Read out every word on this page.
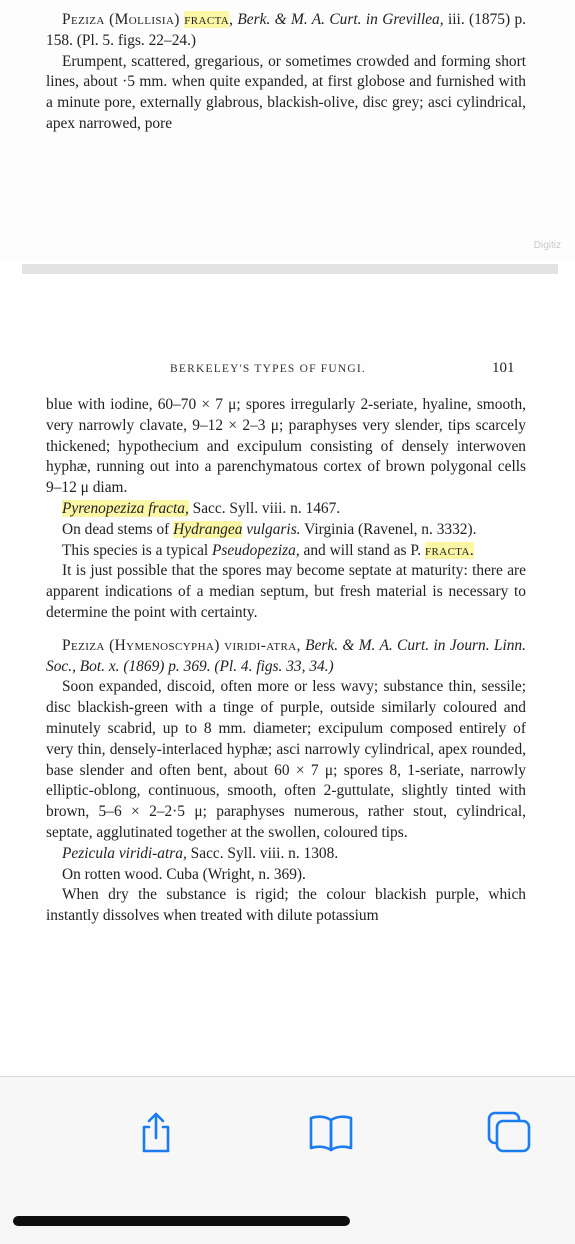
Peziza (Mollisia) fracta, Berk. & M. A. Curt. in Grevillea, iii. (1875) p. 158. (Pl. 5. figs. 22–24.)

Erumpent, scattered, gregarious, or sometimes crowded and forming short lines, about ·5 mm. when quite expanded, at first globose and furnished with a minute pore, externally glabrous, blackish-olive, disc grey; asci cylindrical, apex narrowed, pore

Digitiz
BERKELEY'S TYPES OF FUNGI.	101

blue with iodine, 60–70 × 7 μ; spores irregularly 2-seriate, hyaline, smooth, very narrowly clavate, 9–12 × 2–3 μ; paraphyses very slender, tips scarcely thickened; hypothecium and excipulum consisting of densely interwoven hyphæ, running out into a parenchymatous cortex of brown polygonal cells 9–12 μ diam.

Pyrenopeziza fracta, Sacc. Syll. viii. n. 1467.

On dead stems of Hydrangea vulgaris. Virginia (Ravenel, n. 3332).

This species is a typical Pseudopeziza, and will stand as P. fracta.

It is just possible that the spores may become septate at maturity: there are apparent indications of a median septum, but fresh material is necessary to determine the point with certainty.

Peziza (Hymenoscypha) viridi-atra, Berk. & M. A. Curt. in Journ. Linn. Soc., Bot. x. (1869) p. 369. (Pl. 4. figs. 33, 34.)

Soon expanded, discoid, often more or less wavy; substance thin, sessile; disc blackish-green with a tinge of purple, outside similarly coloured and minutely scabrid, up to 8 mm. diameter; excipulum composed entirely of very thin, densely-interlaced hyphæ; asci narrowly cylindrical, apex rounded, base slender and often bent, about 60 × 7 μ; spores 8, 1-seriate, narrowly elliptic-oblong, continuous, smooth, often 2-guttulate, slightly tinted with brown, 5–6 × 2–2·5 μ; paraphyses numerous, rather stout, cylindrical, septate, agglutinated together at the swollen, coloured tips.

Pezicula viridi-atra, Sacc. Syll. viii. n. 1308.

On rotten wood. Cuba (Wright, n. 369).

When dry the substance is rigid; the colour blackish purple, which instantly dissolves when treated with dilute potassium
